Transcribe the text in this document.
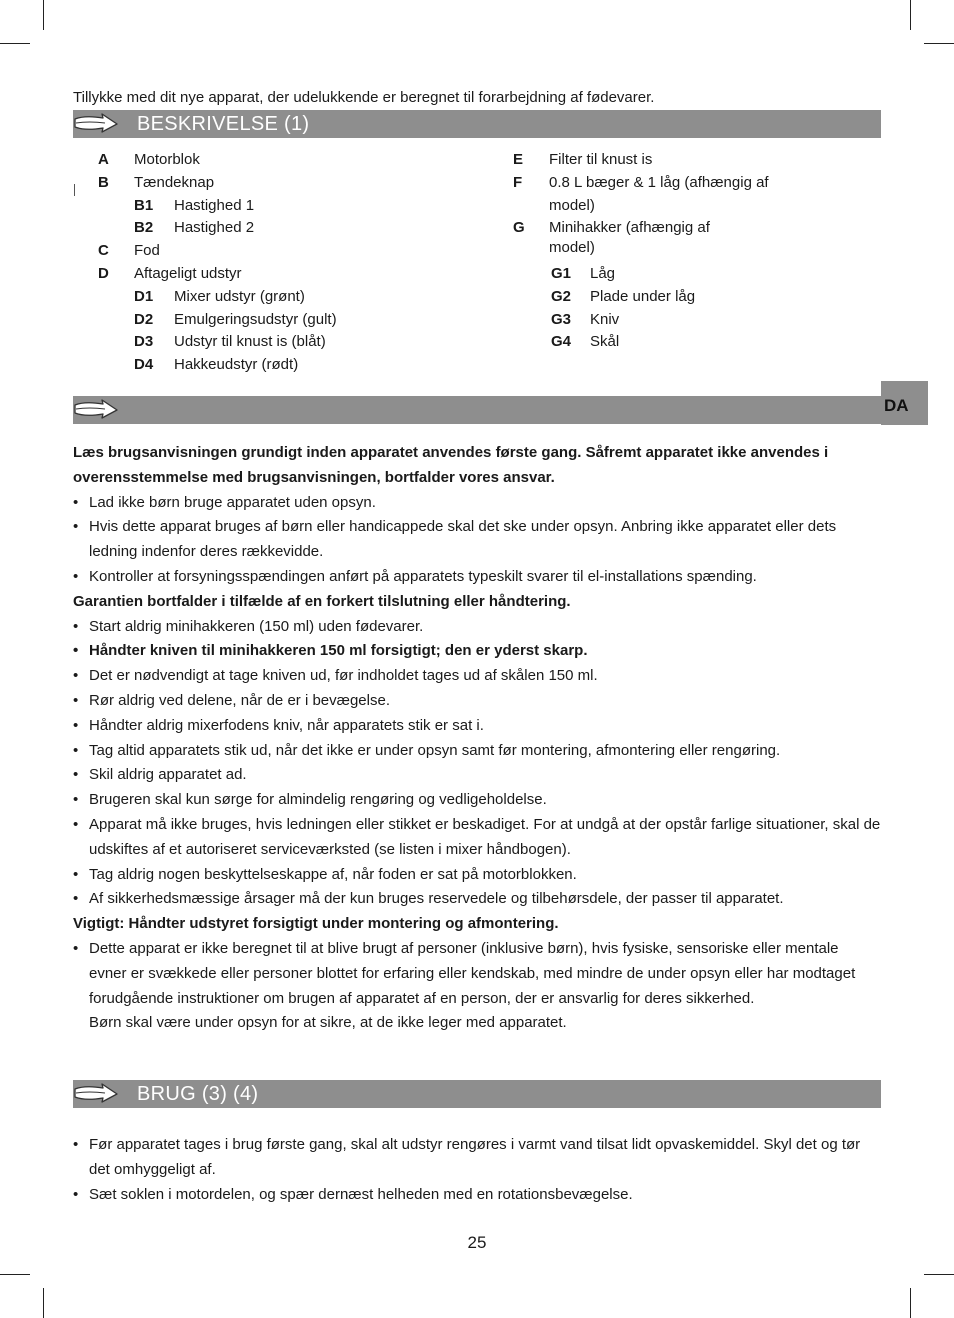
Tillykke med dit nye apparat, der udelukkende er beregnet til forarbejdning af fødevarer.

BESKRIVELSE (1)
A Motorblok
B Tændeknap
B1 Hastighed 1
B2 Hastighed 2
C Fod
D Aftageligt udstyr
D1 Mixer udstyr (grønt)
D2 Emulgeringsudstyr (gult)
D3 Udstyr til knust is (blåt)
D4 Hakkeudstyr (rødt)
E Filter til knust is
F 0.8 L bæger & 1 låg (afhængig af model)
G Minihakker (afhængig af model)
G1 Låg
G2 Plade under låg
G3 Kniv
G4 Skål
DA

Læs brugsanvisningen grundigt inden apparatet anvendes første gang. Såfremt apparatet ikke anvendes i overensstemmelse med brugsanvisningen, bortfalder vores ansvar.

• Lad ikke børn bruge apparatet uden opsyn.

• Hvis dette apparat bruges af børn eller handicappede skal det ske under opsyn. Anbring ikke apparatet eller dets ledning indenfor deres rækkevidde.

• Kontroller at forsyningsspændingen anført på apparatets typeskilt svarer til el-installations spænding.

Garantien bortfalder i tilfælde af en forkert tilslutning eller håndtering.

• Start aldrig minihakkeren (150 ml) uden fødevarer.

• Håndter kniven til minihakkeren 150 ml forsigtigt; den er yderst skarp.

• Det er nødvendigt at tage kniven ud, før indholdet tages ud af skålen 150 ml.

• Rør aldrig ved delene, når de er i bevægelse.

• Håndter aldrig mixerfodens kniv, når apparatets stik er sat i.

• Tag altid apparatets stik ud, når det ikke er under opsyn samt før montering, afmontering eller rengøring.

• Skil aldrig apparatet ad.

• Brugeren skal kun sørge for almindelig rengøring og vedligeholdelse.

• Apparat må ikke bruges, hvis ledningen eller stikket er beskadiget. For at undgå at der opstår farlige situationer, skal de udskiftes af et autoriseret serviceværksted (se listen i mixer håndbogen).

• Tag aldrig nogen beskyttelseskappe af, når foden er sat på motorblokken.

• Af sikkerhedsmæssige årsager må der kun bruges reservedele og tilbehørsdele, der passer til apparatet.

Vigtigt: Håndter udstyret forsigtigt under montering og afmontering.

• Dette apparat er ikke beregnet til at blive brugt af personer (inklusive børn), hvis fysiske, sensoriske eller mentale evner er svækkede eller personer blottet for erfaring eller kendskab, med mindre de under opsyn eller har modtaget forudgående instruktioner om brugen af apparatet af en person, der er ansvarlig for deres sikkerhed.

Børn skal være under opsyn for at sikre, at de ikke leger med apparatet.

BRUG (3) (4)

• Før apparatet tages i brug første gang, skal alt udstyr rengøres i varmt vand tilsat lidt opvaskemiddel. Skyl det og tør det omhyggeligt af.

• Sæt soklen i motordelen, og spær dernæst helheden med en rotationsbevægelse.

25
